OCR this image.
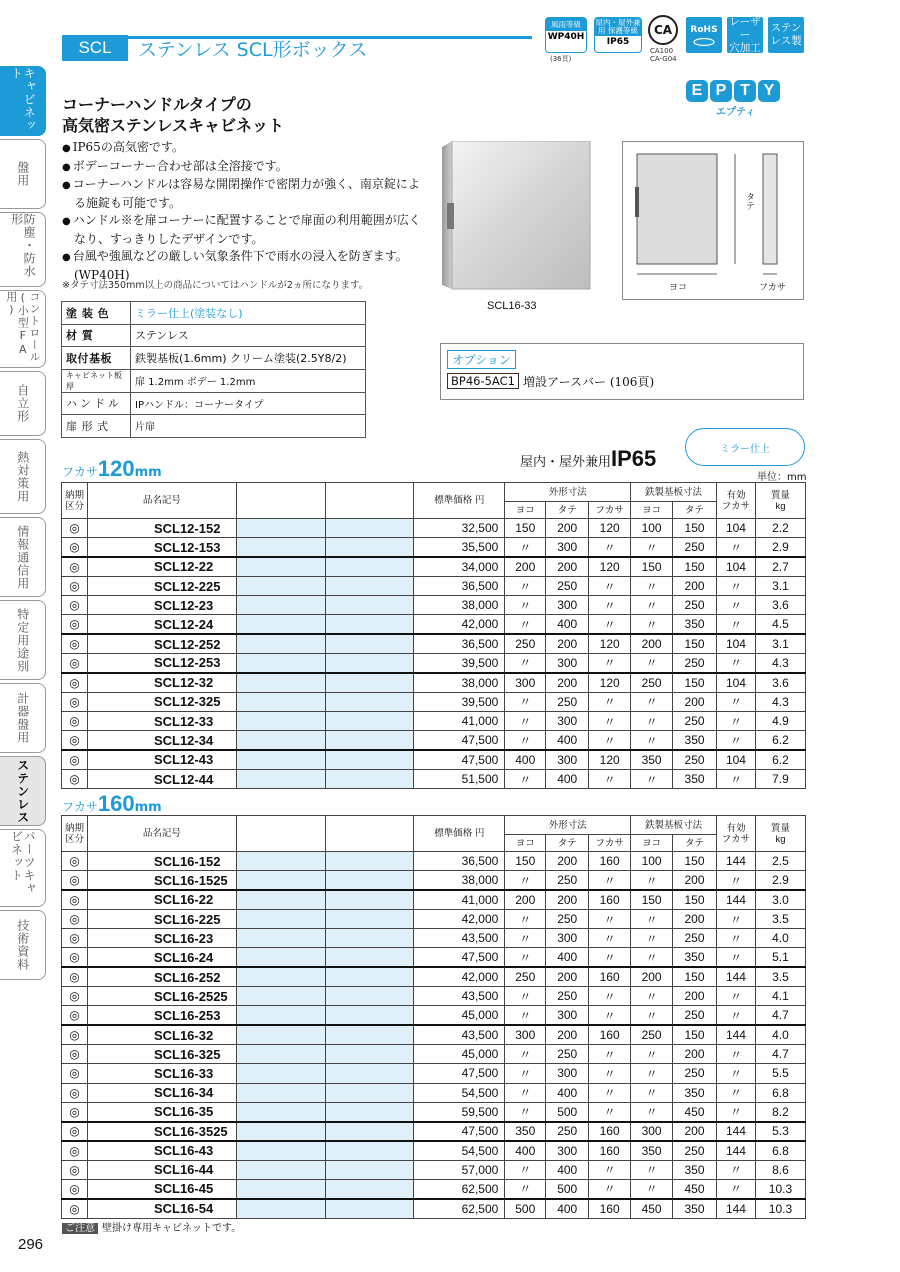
キャビネット
盤用
防塵・防水形
コントロール(小型FA用)
自立形
熱対策用
情報通信用
特定用途別
計器盤用
ステンレス
パーツキャビネット
技術資料
SCL	ステンレス SCL形ボックス
風雨等級
WP40H
(36頁)
屋内・屋外兼用 保護等級
IP65
CA
CA100
CA-G04
RoHS
レーザー
穴加工
ステン
レス製
E P T Y
エプティ
コーナーハンドルタイプの
高気密ステンレスキャビネット
● IP65の高気密です。
● ボデーコーナー合わせ部は全溶接です。
● コーナーハンドルは容易な開閉操作で密閉力が強く、南京錠による施錠も可能です。
● ハンドル※を扉コーナーに配置することで扉面の利用範囲が広くなり、すっきりしたデザインです。
● 台風や強風などの厳しい気象条件下で雨水の浸入を防ぎます。(WP40H)
※タテ寸法350mm以上の商品についてはハンドルが2ヵ所になります。
塗 装 色	ミラー仕上(塗装なし)
材 質	ステンレス
取付基板	鉄製基板(1.6mm) クリーム塗装(2.5Y8/2)
キャビネット板厚	扉 1.2mm ボデー 1.2mm
ハンドル	IPハンドル：コーナータイプ
扉 形 式	片扉
SCL16-33
タテ
ヨコ	フカサ
オプション
BP46-5AC1 増設アースバー (106頁)
屋内・屋外兼用IP65	ミラー仕上
単位：mm
フカサ120mm
納期
区分	品名記号			標準価格 円	外形寸法			鉄製基板寸法		有効
フカサ	質量
kg
					ヨコ	タテ	フカサ	ヨコ	タテ		
◎	SCL12-152			32,500	150	200	120	100	150	104	2.2
◎	SCL12-153			35,500	〃	300	〃	〃	250	〃	2.9
◎	SCL12-22			34,000	200	200	120	150	150	104	2.7
◎	SCL12-225			36,500	〃	250	〃	〃	200	〃	3.1
◎	SCL12-23			38,000	〃	300	〃	〃	250	〃	3.6
◎	SCL12-24			42,000	〃	400	〃	〃	350	〃	4.5
◎	SCL12-252			36,500	250	200	120	200	150	104	3.1
◎	SCL12-253			39,500	〃	300	〃	〃	250	〃	4.3
◎	SCL12-32			38,000	300	200	120	250	150	104	3.6
◎	SCL12-325			39,500	〃	250	〃	〃	200	〃	4.3
◎	SCL12-33			41,000	〃	300	〃	〃	250	〃	4.9
◎	SCL12-34			47,500	〃	400	〃	〃	350	〃	6.2
◎	SCL12-43			47,500	400	300	120	350	250	104	6.2
◎	SCL12-44			51,500	〃	400	〃	〃	350	〃	7.9
フカサ160mm
納期
区分	品名記号			標準価格 円	外形寸法			鉄製基板寸法		有効
フカサ	質量
kg
					ヨコ	タテ	フカサ	ヨコ	タテ		
◎	SCL16-152			36,500	150	200	160	100	150	144	2.5
◎	SCL16-1525			38,000	〃	250	〃	〃	200	〃	2.9
◎	SCL16-22			41,000	200	200	160	150	150	144	3.0
◎	SCL16-225			42,000	〃	250	〃	〃	200	〃	3.5
◎	SCL16-23			43,500	〃	300	〃	〃	250	〃	4.0
◎	SCL16-24			47,500	〃	400	〃	〃	350	〃	5.1
◎	SCL16-252			42,000	250	200	160	200	150	144	3.5
◎	SCL16-2525			43,500	〃	250	〃	〃	200	〃	4.1
◎	SCL16-253			45,000	〃	300	〃	〃	250	〃	4.7
◎	SCL16-32			43,500	300	200	160	250	150	144	4.0
◎	SCL16-325			45,000	〃	250	〃	〃	200	〃	4.7
◎	SCL16-33			47,500	〃	300	〃	〃	250	〃	5.5
◎	SCL16-34			54,500	〃	400	〃	〃	350	〃	6.8
◎	SCL16-35			59,500	〃	500	〃	〃	450	〃	8.2
◎	SCL16-3525			47,500	350	250	160	300	200	144	5.3
◎	SCL16-43			54,500	400	300	160	350	250	144	6.8
◎	SCL16-44			57,000	〃	400	〃	〃	350	〃	8.6
◎	SCL16-45			62,500	〃	500	〃	〃	450	〃	10.3
◎	SCL16-54			62,500	500	400	160	450	350	144	10.3
ご注意 壁掛け専用キャビネットです。
296
